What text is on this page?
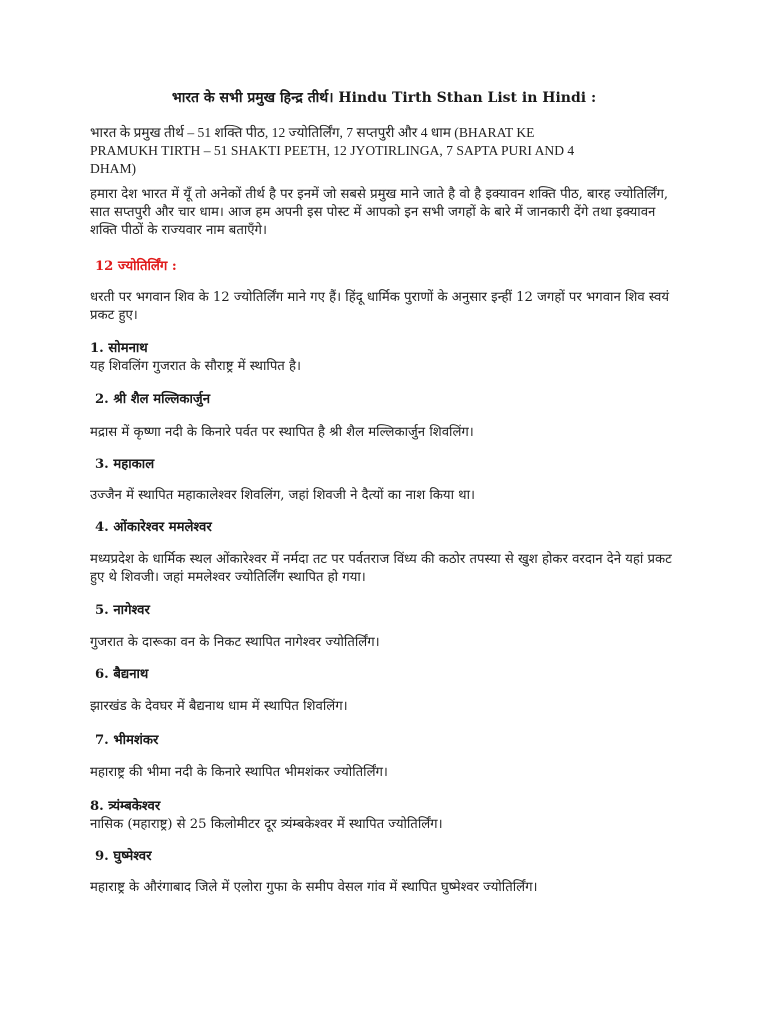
भारत के सभी प्रमुख हिन्द्र तीर्थ। Hindu Tirth Sthan List in Hindi :
भारत के प्रमुख तीर्थ – 51 शक्ति पीठ, 12 ज्योतिर्लिंग, 7 सप्तपुरी और 4 धाम (BHARAT KE
PRAMUKH TIRTH – 51 SHAKTI PEETH, 12 JYOTIRLINGA, 7 SAPTA PURI AND 4
DHAM)
हमारा देश भारत में यूँ तो अनेकों तीर्थ है पर इनमें जो सबसे प्रमुख माने जाते है वो है इक्यावन शक्ति पीठ, बारह ज्योतिर्लिंग, सात सप्तपुरी और चार धाम। आज हम अपनी इस पोस्ट में आपको इन सभी जगहों के बारे में जानकारी देंगे तथा इक्यावन शक्ति पीठों के राज्यवार नाम बताएँगे।
12 ज्योतिर्लिंग :
धरती पर भगवान शिव के 12 ज्योतिर्लिंग माने गए हैं। हिंदू धार्मिक पुराणों के अनुसार इन्हीं 12 जगहों पर भगवान शिव स्वयं प्रकट हुए।
1. सोमनाथ
यह शिवलिंग गुजरात के सौराष्ट्र में स्थापित है।
2. श्री शैल मल्लिकार्जुन
मद्रास में कृष्णा नदी के किनारे पर्वत पर स्थापित है श्री शैल मल्लिकार्जुन शिवलिंग।
3. महाकाल
उज्जैन में स्थापित महाकालेश्वर शिवलिंग, जहां शिवजी ने दैत्यों का नाश किया था।
4. ओंकारेश्वर ममलेश्वर
मध्यप्रदेश के धार्मिक स्थल ओंकारेश्वर में नर्मदा तट पर पर्वतराज विंध्य की कठोर तपस्या से खुश होकर वरदान देने यहां प्रकट हुए थे शिवजी। जहां ममलेश्वर ज्योतिर्लिंग स्थापित हो गया।
5. नागेश्वर
गुजरात के दारूका वन के निकट स्थापित नागेश्वर ज्योतिर्लिंग।
6. बैद्यनाथ
झारखंड के देवघर में बैद्यनाथ धाम में स्थापित शिवलिंग।
7. भीमशंकर
महाराष्ट्र की भीमा नदी के किनारे स्थापित भीमशंकर ज्योतिर्लिंग।
8. त्र्यंम्बकेश्वर
नासिक (महाराष्ट्र) से 25 किलोमीटर दूर त्र्यंम्बकेश्वर में स्थापित ज्योतिर्लिंग।
9. घुष्मेश्वर
महाराष्ट्र के औरंगाबाद जिले में एलोरा गुफा के समीप वेसल गांव में स्थापित घुष्मेश्वर ज्योतिर्लिंग।
